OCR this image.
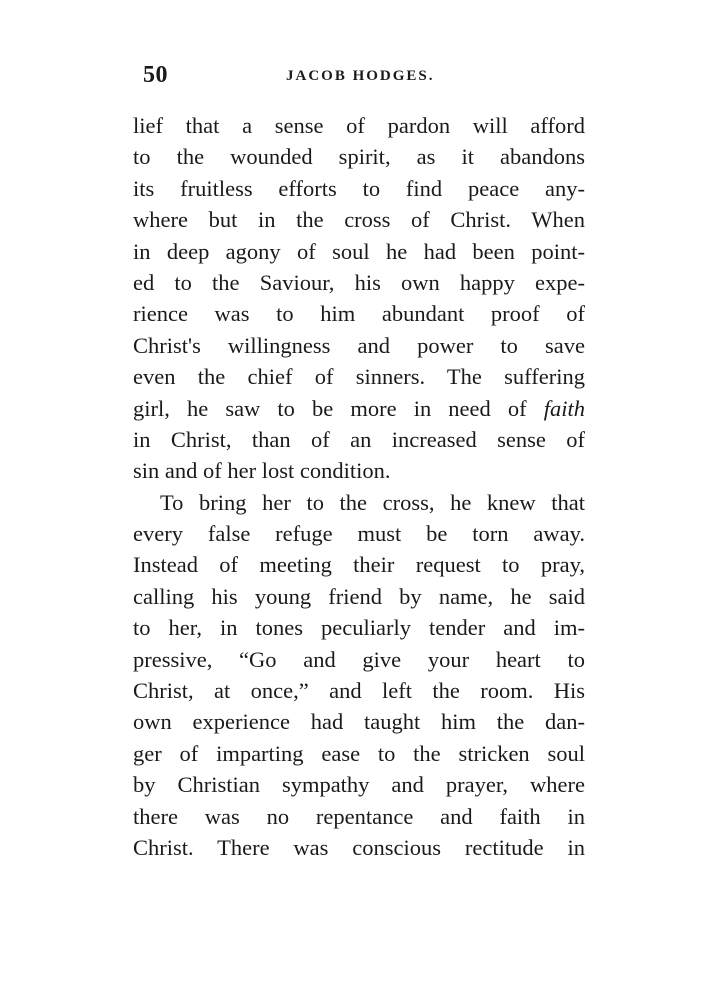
50	JACOB HODGES.
lief that a sense of pardon will afford
to the wounded spirit, as it abandons
its fruitless efforts to find peace any-
where but in the cross of Christ. When
in deep agony of soul he had been point-
ed to the Saviour, his own happy expe-
rience was to him abundant proof of
Christ's willingness and power to save
even the chief of sinners. The suffering
girl, he saw to be more in need of faith
in Christ, than of an increased sense of
sin and of her lost condition.
To bring her to the cross, he knew that
every false refuge must be torn away.
Instead of meeting their request to pray,
calling his young friend by name, he said
to her, in tones peculiarly tender and im-
pressive, “Go and give your heart to
Christ, at once,” and left the room. His
own experience had taught him the dan-
ger of imparting ease to the stricken soul
by Christian sympathy and prayer, where
there was no repentance and faith in
Christ. There was conscious rectitude in
